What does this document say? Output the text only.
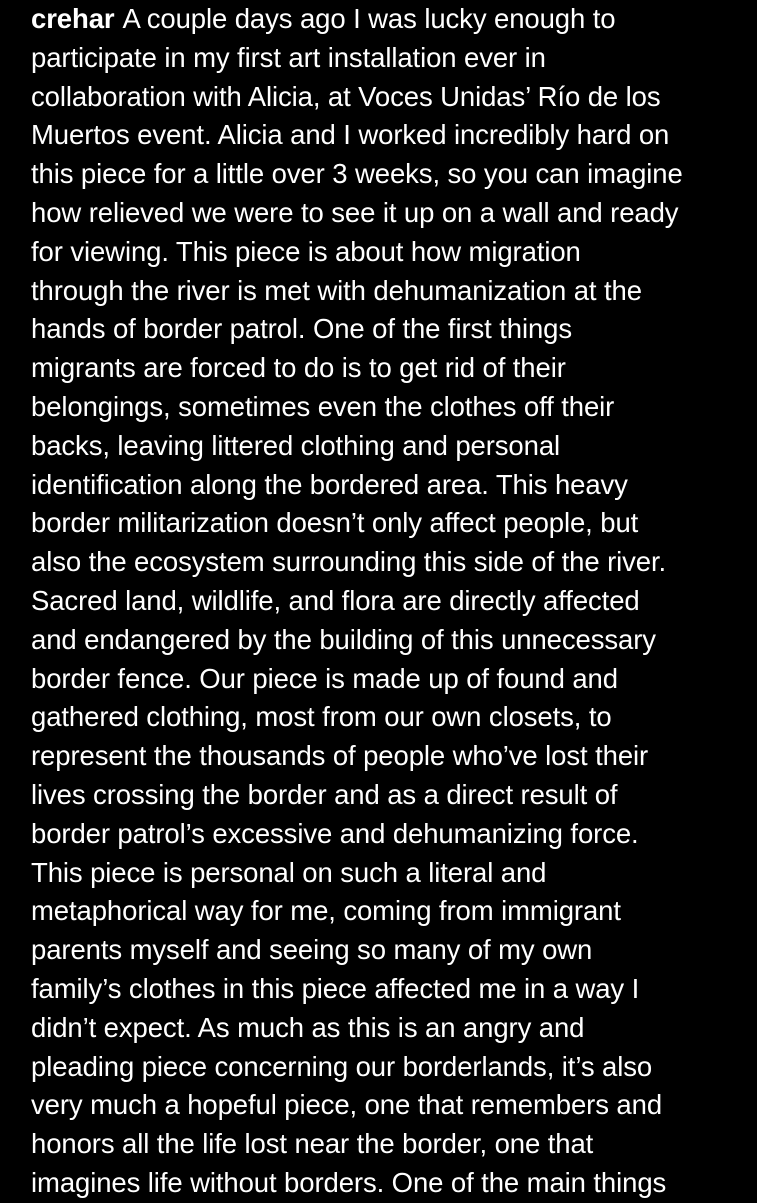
crehar A couple days ago I was lucky enough to
participate in my first art installation ever in
collaboration with Alicia, at Voces Unidas’ Río de los
Muertos event. Alicia and I worked incredibly hard on
this piece for a little over 3 weeks, so you can imagine
how relieved we were to see it up on a wall and ready
for viewing. This piece is about how migration
through the river is met with dehumanization at the
hands of border patrol. One of the first things
migrants are forced to do is to get rid of their
belongings, sometimes even the clothes off their
backs, leaving littered clothing and personal
identification along the bordered area. This heavy
border militarization doesn’t only affect people, but
also the ecosystem surrounding this side of the river.
Sacred land, wildlife, and flora are directly affected
and endangered by the building of this unnecessary
border fence. Our piece is made up of found and
gathered clothing, most from our own closets, to
represent the thousands of people who’ve lost their
lives crossing the border and as a direct result of
border patrol’s excessive and dehumanizing force.
This piece is personal on such a literal and
metaphorical way for me, coming from immigrant
parents myself and seeing so many of my own
family’s clothes in this piece affected me in a way I
didn’t expect. As much as this is an angry and
pleading piece concerning our borderlands, it’s also
very much a hopeful piece, one that remembers and
honors all the life lost near the border, one that
imagines life without borders. One of the main things
